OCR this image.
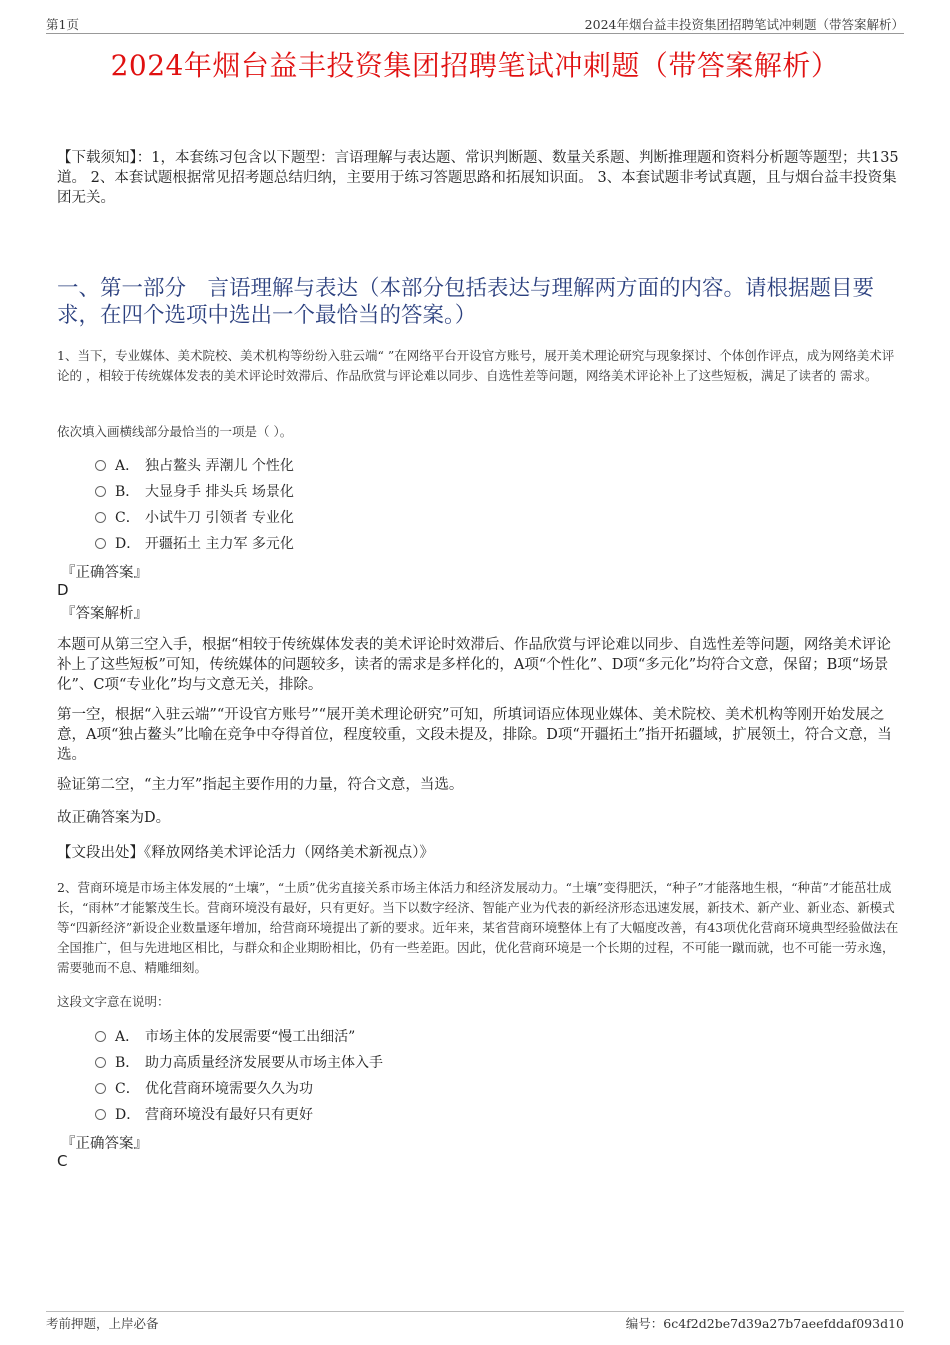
第1页	2024年烟台益丰投资集团招聘笔试冲刺题（带答案解析）
2024年烟台益丰投资集团招聘笔试冲刺题（带答案解析）
【下载须知】：1，本套练习包含以下题型：言语理解与表达题、常识判断题、数量关系题、判断推理题和资料分析题等题型；共135道。 2、本套试题根据常见招考题总结归纳，主要用于练习答题思路和拓展知识面。 3、本套试题非考试真题，且与烟台益丰投资集团无关。
一、第一部分　言语理解与表达（本部分包括表达与理解两方面的内容。请根据题目要求，在四个选项中选出一个最恰当的答案。）
1、当下，专业媒体、美术院校、美术机构等纷纷入驻云端“ ”在网络平台开设官方账号，展开美术理论研究与现象探讨、个体创作评点，成为网络美术评论的 ，相较于传统媒体发表的美术评论时效滞后、作品欣赏与评论难以同步、自选性差等问题，网络美术评论补上了这些短板，满足了读者的 需求。
依次填入画横线部分最恰当的一项是（ ）。
A． 独占鳌头 弄潮儿 个性化
B． 大显身手 排头兵 场景化
C． 小试牛刀 引领者 专业化
D． 开疆拓土 主力军 多元化
『正确答案』
D
『答案解析』
本题可从第三空入手，根据“相较于传统媒体发表的美术评论时效滞后、作品欣赏与评论难以同步、自选性差等问题，网络美术评论补上了这些短板”可知，传统媒体的问题较多，读者的需求是多样化的，A项“个性化”、D项“多元化”均符合文意，保留；B项“场景化”、C项“专业化”均与文意无关，排除。
第一空，根据“入驻云端”“开设官方账号”“展开美术理论研究”可知，所填词语应体现业媒体、美术院校、美术机构等刚开始发展之意，A项“独占鳌头”比喻在竞争中夺得首位，程度较重，文段未提及，排除。D项“开疆拓土”指开拓疆域，扩展领土，符合文意，当选。
验证第二空，“主力军”指起主要作用的力量，符合文意，当选。
故正确答案为D。
【文段出处】《释放网络美术评论活力（网络美术新视点）》
2、营商环境是市场主体发展的“土壤”，“土质”优劣直接关系市场主体活力和经济发展动力。“土壤”变得肥沃，“种子”才能落地生根，“种苗”才能茁壮成长，“雨林”才能繁茂生长。营商环境没有最好，只有更好。当下以数字经济、智能产业为代表的新经济形态迅速发展，新技术、新产业、新业态、新模式等“四新经济”新设企业数量逐年增加，给营商环境提出了新的要求。近年来，某省营商环境整体上有了大幅度改善，有43项优化营商环境典型经验做法在全国推广，但与先进地区相比，与群众和企业期盼相比，仍有一些差距。因此，优化营商环境是一个长期的过程，不可能一蹴而就，也不可能一劳永逸，需要驰而不息、精雕细刻。
这段文字意在说明：
A． 市场主体的发展需要“慢工出细活”
B． 助力高质量经济发展要从市场主体入手
C． 优化营商环境需要久久为功
D． 营商环境没有最好只有更好
『正确答案』
C
考前押题，上岸必备	编号：6c4f2d2be7d39a27b7aeefddaf093d10
